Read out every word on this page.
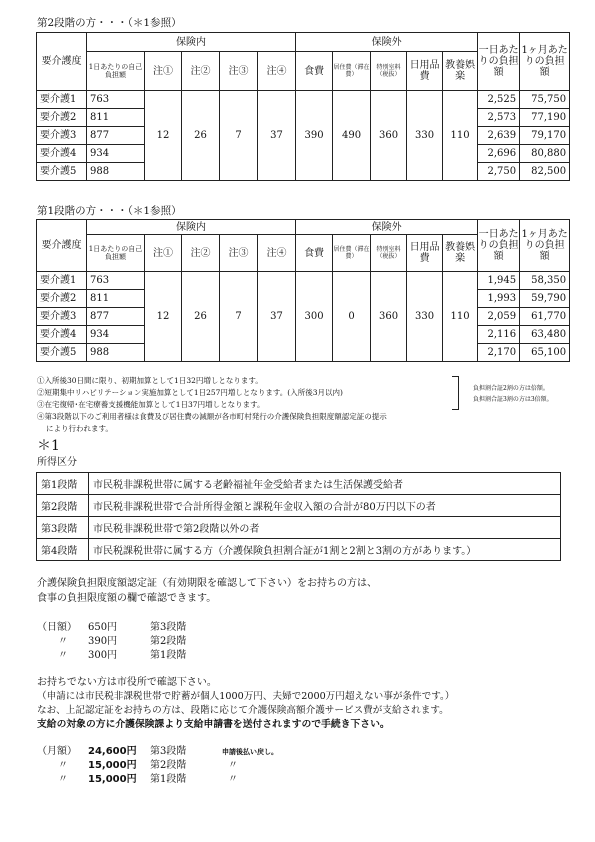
第2段階の方・・・（＊1参照）
要介護度	保険内					保険外					一日あたりの負担額	1ヶ月あたりの負担額
	1日あたりの自己負担額	注①	注②	注③	注④	食費	居住費（滞在費）	特別室料（税抜）	日用品費	教養娯楽		
要介護1	763	12	26	7	37	390	490	360	330	110	2,525	75,750
要介護2	811										2,573	77,190
要介護3	877										2,639	79,170
要介護4	934										2,696	80,880
要介護5	988										2,750	82,500
第1段階の方・・・（＊1参照）
要介護度	保険内					保険外					一日あたりの負担額	1ヶ月あたりの負担額
	1日あたりの自己負担額	注①	注②	注③	注④	食費	居住費（滞在費）	特別室料（税抜）	日用品費	教養娯楽		
要介護1	763	12	26	7	37	300	0	360	330	110	1,945	58,350
要介護2	811										1,993	59,790
要介護3	877										2,059	61,770
要介護4	934										2,116	63,480
要介護5	988										2,170	65,100
①入所後30日間に限り、初期加算として1日32円増しとなります。
②短期集中リハビリテーション実施加算として1日257円増しとなります。(入所後3月以内)
③在宅復帰･在宅療養支援機能加算として1日37円増しとなります。
④第3段階以下のご利用者様は食費及び居住費の減額が各市町村発行の介護保険負担限度額認定証の提示
により行われます。
負担割合証2割の方は倍額。
負担割合証3割の方は3倍額。
＊1
所得区分
第1段階	市民税非課税世帯に属する老齢福祉年金受給者または生活保護受給者
第2段階	市民税非課税世帯で合計所得金額と課税年金収入額の合計が80万円以下の者
第3段階	市民税非課税世帯で第2段階以外の者
第4段階	市民税課税世帯に属する方（介護保険負担割合証が1割と2割と3割の方があります。）
介護保険負担限度額認定証（有効期限を確認して下さい）をお持ちの方は、
食事の負担限度額の欄で確認できます。
（日額） 650円	第3段階
〃 390円	第2段階
〃 300円	第1段階
お持ちでない方は市役所で確認下さい。
（申請には市民税非課税世帯で貯蓄が個人1000万円、夫婦で2000万円超えない事が条件です。）
なお、上記認定証をお持ちの方は、段階に応じて介護保険高額介護サービス費が支給されます。
支給の対象の方に介護保険課より支給申請書を送付されますので手続き下さい。
（月額） 24,600円 第3段階	申請後払い戻し。
〃 15,000円 第2段階	〃
〃 15,000円 第1段階	〃
